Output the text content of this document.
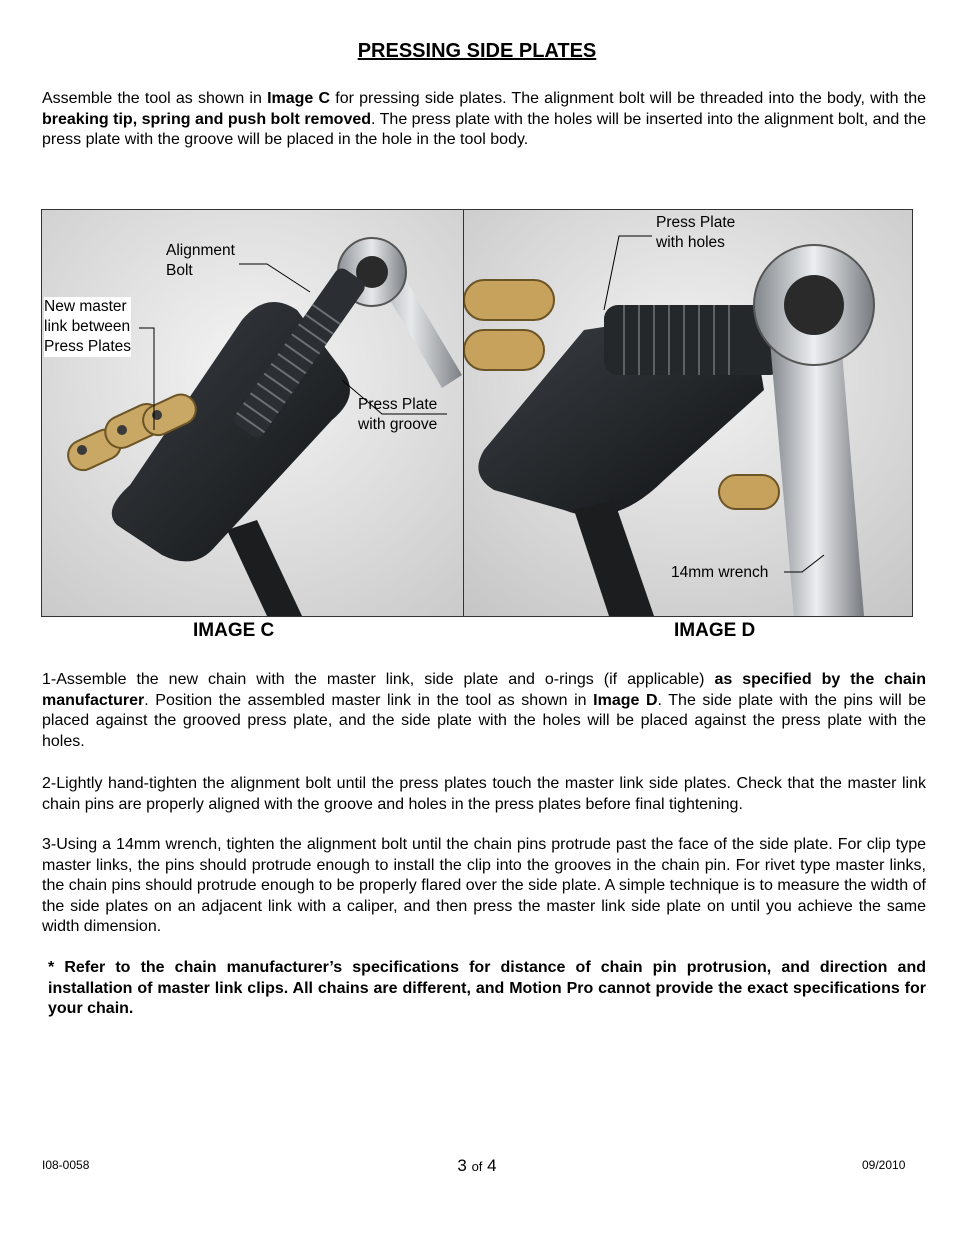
PRESSING SIDE PLATES

Assemble the tool as shown in Image C for pressing side plates. The alignment bolt will be threaded into the body, with the breaking tip, spring and push bolt removed. The press plate with the holes will be inserted into the alignment bolt, and the press plate with the groove will be placed in the hole in the tool body.

Alignment
Bolt
New master
link between
Press Plates
Press Plate
with groove
Press Plate
with holes
14mm wrench
IMAGE C	IMAGE D

1-Assemble the new chain with the master link, side plate and o-rings (if applicable) as specified by the chain manufacturer. Position the assembled master link in the tool as shown in Image D. The side plate with the pins will be placed against the grooved press plate, and the side plate with the holes will be placed against the press plate with the holes.

2-Lightly hand-tighten the alignment bolt until the press plates touch the master link side plates. Check that the master link chain pins are properly aligned with the groove and holes in the press plates before final tightening.

3-Using a 14mm wrench, tighten the alignment bolt until the chain pins protrude past the face of the side plate. For clip type master links, the pins should protrude enough to install the clip into the grooves in the chain pin. For rivet type master links, the chain pins should protrude enough to be properly flared over the side plate. A simple technique is to measure the width of the side plates on an adjacent link with a caliper, and then press the master link side plate on until you achieve the same width dimension.

* Refer to the chain manufacturer’s specifications for distance of chain pin protrusion, and direction and installation of master link clips. All chains are different, and Motion Pro cannot provide the exact specifications for your chain.

I08-0058	3 of 4	09/2010
